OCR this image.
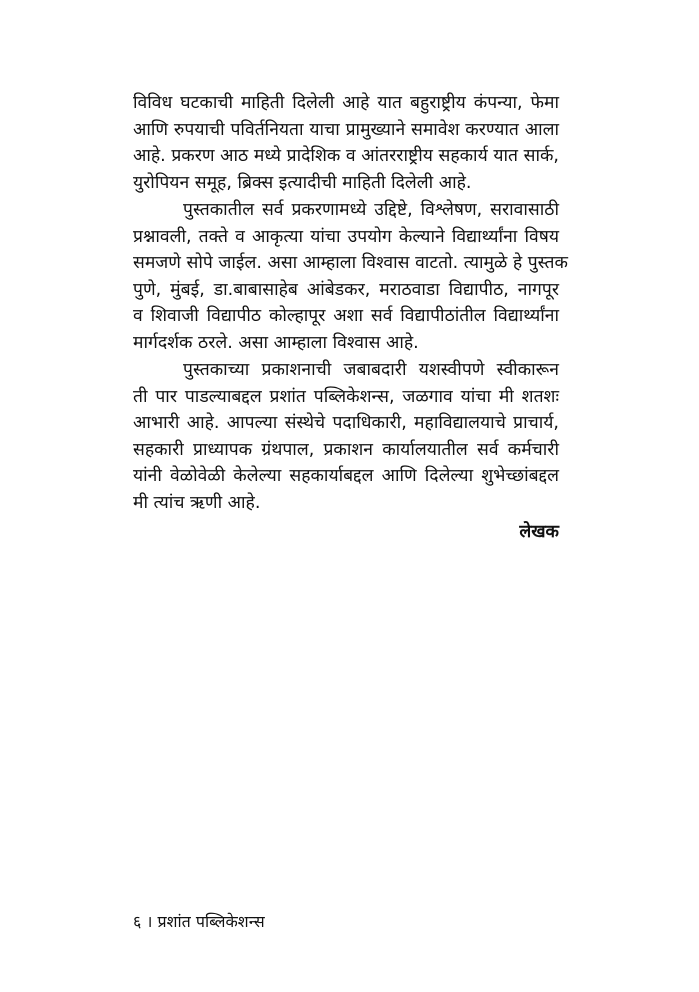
विविध घटकाची माहिती दिलेली आहे यात बहुराष्ट्रीय कंपन्या, फेमा
आणि रुपयाची पविर्तनियता याचा प्रामुख्याने समावेश करण्यात आला
आहे. प्रकरण आठ मध्ये प्रादेशिक व आंतरराष्ट्रीय सहकार्य यात सार्क,
युरोपियन समूह, ब्रिक्स इत्यादीची माहिती दिलेली आहे.
पुस्तकातील सर्व प्रकरणामध्ये उद्दिष्टे, विश्लेषण, सरावासाठी
प्रश्नावली, तक्ते व आकृत्या यांचा उपयोग केल्याने विद्यार्थ्यांना विषय
समजणे सोपे जाईल. असा आम्हाला विश्वास वाटतो. त्यामुळे हे पुस्तक
पुणे, मुंबई, डा.बाबासाहेब आंबेडकर, मराठवाडा विद्यापीठ, नागपूर
व शिवाजी विद्यापीठ कोल्हापूर अशा सर्व विद्यापीठांतील विद्यार्थ्यांना
मार्गदर्शक ठरले. असा आम्हाला विश्वास आहे.
पुस्तकाच्या प्रकाशनाची जबाबदारी यशस्वीपणे स्वीकारून
ती पार पाडल्याबद्दल प्रशांत पब्लिकेशन्स, जळगाव यांचा मी शतशः
आभारी आहे. आपल्या संस्थेचे पदाधिकारी, महाविद्यालयाचे प्राचार्य,
सहकारी प्राध्यापक ग्रंथपाल, प्रकाशन कार्यालयातील सर्व कर्मचारी
यांनी वेळोवेळी केलेल्या सहकार्याबद्दल आणि दिलेल्या शुभेच्छांबद्दल
मी त्यांच ऋणी आहे.
लेखक
६ । प्रशांत पब्लिकेशन्स
